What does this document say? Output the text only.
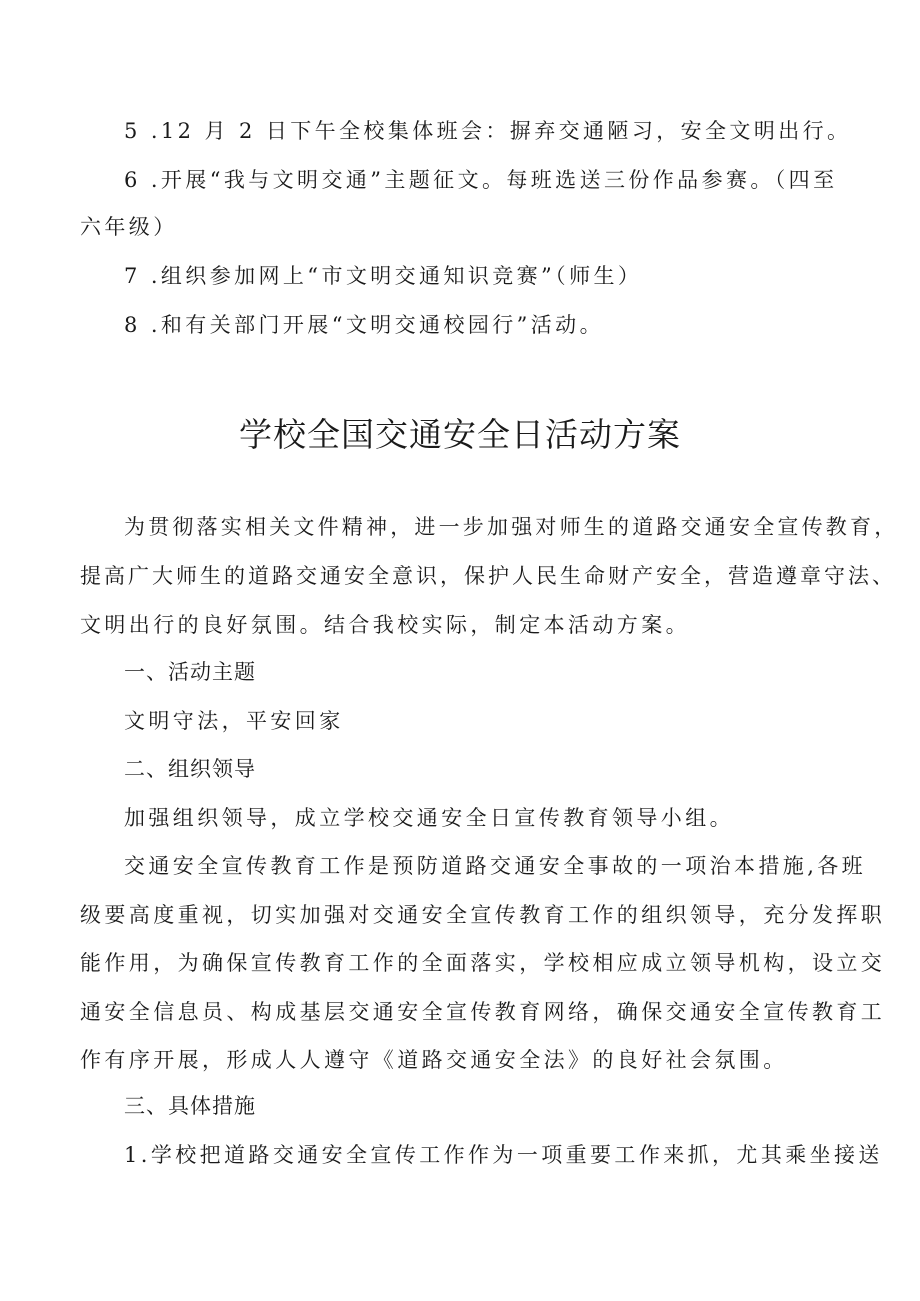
5 .12 月 2 日下午全校集体班会：摒弃交通陋习，安全文明出行。
6 .开展“我与文明交通”主题征文。每班选送三份作品参赛。（四至
六年级）
7 .组织参加网上“市文明交通知识竞赛”（师生）
8 .和有关部门开展“文明交通校园行”活动。
学校全国交通安全日活动方案
为贯彻落实相关文件精神，进一步加强对师生的道路交通安全宣传教育，
提高广大师生的道路交通安全意识，保护人民生命财产安全，营造遵章守法、
文明出行的良好氛围。结合我校实际，制定本活动方案。
一、活动主题
文明守法，平安回家
二、组织领导
加强组织领导，成立学校交通安全日宣传教育领导小组。
交通安全宣传教育工作是预防道路交通安全事故的一项治本措施,各班
级要高度重视，切实加强对交通安全宣传教育工作的组织领导，充分发挥职
能作用，为确保宣传教育工作的全面落实，学校相应成立领导机构，设立交
通安全信息员、构成基层交通安全宣传教育网络，确保交通安全宣传教育工
作有序开展，形成人人遵守《道路交通安全法》的良好社会氛围。
三、具体措施
1.学校把道路交通安全宣传工作作为一项重要工作来抓，尤其乘坐接送
